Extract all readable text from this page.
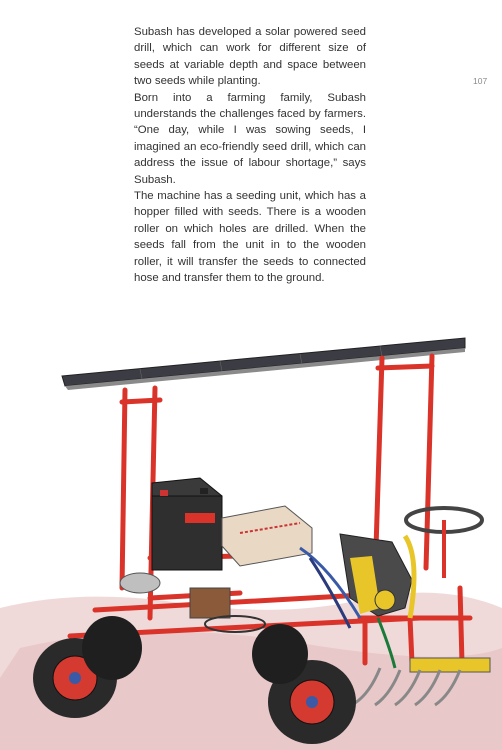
Subash has developed a solar powered seed drill, which can work for different size of seeds at variable depth and space between two seeds while planting.

Born into a farming family, Subash understands the challenges faced by farmers. “One day, while I was sowing seeds, I imagined an eco-friendly seed drill, which can address the issue of labour shortage,” says Subash.

The machine has a seeding unit, which has a hopper filled with seeds. There is a wooden roller on which holes are drilled. When the seeds fall from the unit in to the wooden roller, it will transfer the seeds to connected hose and transfer them to the ground.

107
